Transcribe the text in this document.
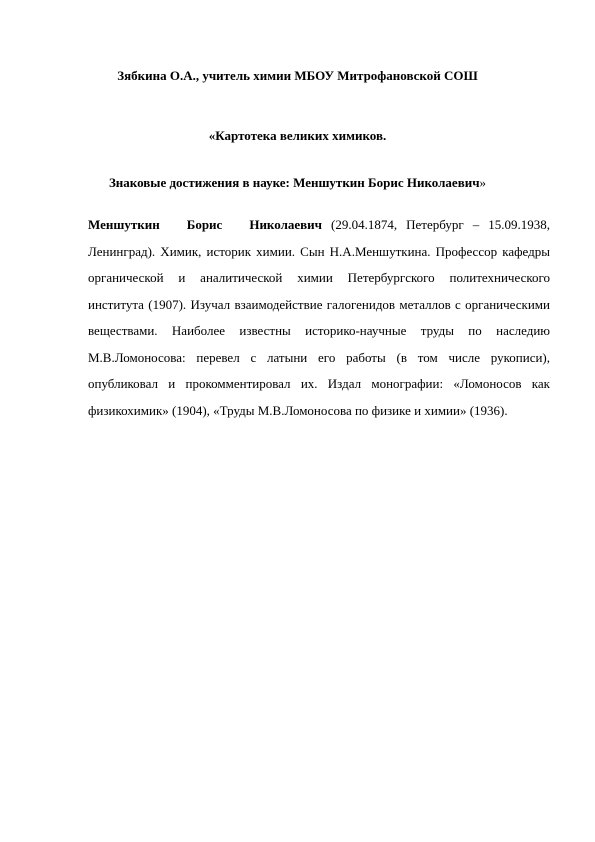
Зябкина О.А., учитель химии МБОУ Митрофановской СОШ
«Картотека великих химиков.
Знаковые достижения в науке: Меншуткин Борис Николаевич»
Меншуткин Борис Николаевич (29.04.1874, Петербург – 15.09.1938, Ленинград). Химик, историк химии. Сын Н.А.Меншуткина. Профессор кафедры органической и аналитической химии Петербургского политехнического института (1907). Изучал взаимодействие галогенидов металлов с органическими веществами. Наиболее известны историко-научные труды по наследию М.В.Ломоносова: перевел с латыни его работы (в том числе рукописи), опубликовал и прокомментировал их. Издал монографии: «Ломоносов как физикохимик» (1904), «Труды М.В.Ломоносова по физике и химии» (1936).
